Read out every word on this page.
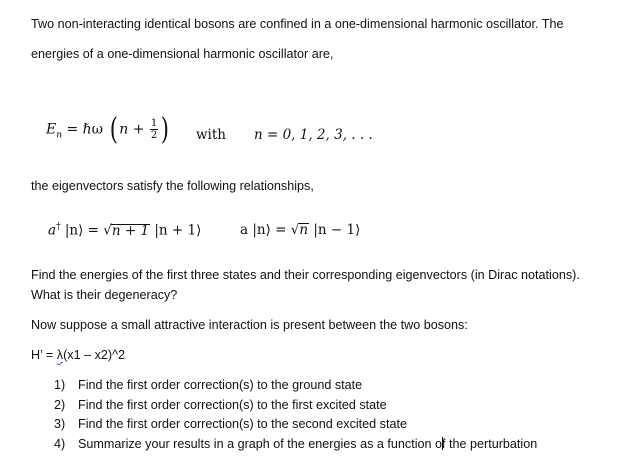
Two non-interacting identical bosons are confined in a one-dimensional harmonic oscillator. The
energies of a one-dimensional harmonic oscillator are,
$E_n$ = ℏω ( $n + \frac{1}{2}$ ) with n = 0, 1, 2, 3, . . .
the eigenvectors satisfy the following relationships,
a† |n⟩ = √n + 1 |n + 1⟩	a |n⟩ = √n |n − 1⟩
Find the energies of the first three states and their corresponding eigenvectors (in Dirac notations).
What is their degeneracy?
Now suppose a small attractive interaction is present between the two bosons:
H’ = λ(x1 – x2)^2
1) Find the first order correction(s) to the ground state
2) Find the first order correction(s) to the first excited state
3) Find the first order correction(s) to the second excited state
4) Summarize your results in a graph of the energies as a function of the perturbation
